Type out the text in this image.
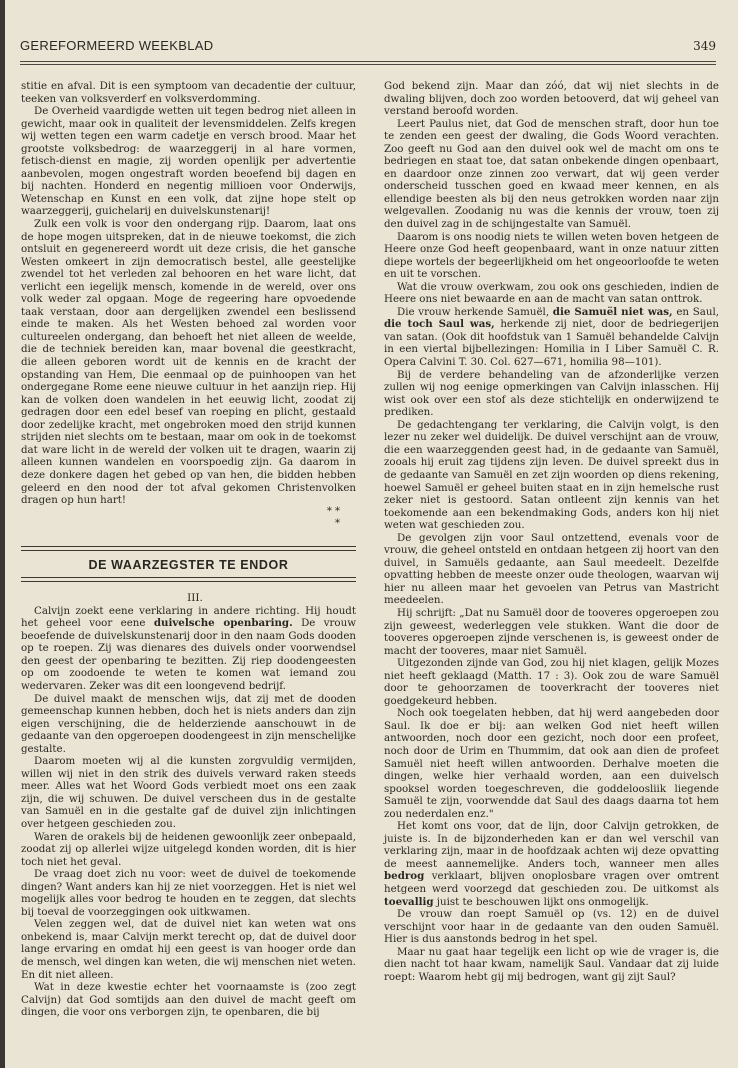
GEREFORMEERD WEEKBLAD	349

stitie en afval. Dit is een symptoom van decadentie der cultuur, teeken van volksverderf en volksverdomming.

De Overheid vaardigde wetten uit tegen bedrog niet alleen in gewicht, maar ook in qualiteit der levensmiddelen. Zelfs kregen wij wetten tegen een warm cadetje en versch brood. Maar het grootste volksbedrog: de waarzeggerij in al hare vormen, fetisch-dienst en magie, zij worden openlijk per advertentie aanbevolen, mogen ongestraft worden beoefend bij dagen en bij nachten. Honderd en negentig millioen voor Onderwijs, Wetenschap en Kunst en een volk, dat zijne hope stelt op waarzeggerij, guichelarij en duivelskunstenarij!

Zulk een volk is voor den ondergang rijp. Daarom, laat ons de hope mogen uitspreken, dat in de nieuwe toekomst, die zich ontsluit en gegenereerd wordt uit deze crisis, die het gansche Westen omkeert in zijn democratisch bestel, alle geestelijke zwendel tot het verleden zal behooren en het ware licht, dat verlicht een iegelijk mensch, komende in de wereld, over ons volk weder zal opgaan. Moge de regeering hare opvoedende taak verstaan, door aan dergelijken zwendel een beslissend einde te maken. Als het Westen behoed zal worden voor cultureelen ondergang, dan behoeft het niet alleen de weelde, die de techniek bereiden kan, maar bovenal die geestkracht, die alleen geboren wordt uit de kennis en de kracht der opstanding van Hem, Die eenmaal op de puinhoopen van het ondergegane Rome eene nieuwe cultuur in het aanzijn riep. Hij kan de volken doen wandelen in het eeuwig licht, zoodat zij gedragen door een edel besef van roeping en plicht, gestaald door zedelijke kracht, met ongebroken moed den strijd kunnen strijden niet slechts om te bestaan, maar om ook in de toekomst dat ware licht in de wereld der volken uit te dragen, waarin zij alleen kunnen wandelen en voorspoedig zijn. Ga daarom in deze donkere dagen het gebed op van hen, die bidden hebben geleerd en den nood der tot afval gekomen Christenvolken dragen op hun hart!

* *
*
DE WAARZEGSTER TE ENDOR

III.

Calvijn zoekt eene verklaring in andere richting. Hij houdt het geheel voor eene duivelsche openbaring. De vrouw beoefende de duivelskunstenarij door in den naam Gods dooden op te roepen. Zij was dienares des duivels onder voorwendsel den geest der openbaring te bezitten. Zij riep doodengeesten op om zoodoende te weten te komen wat iemand zou wedervaren. Zeker was dit een loongevend bedrijf.

De duivel maakt de menschen wijs, dat zij met de dooden gemeenschap kunnen hebben, doch het is niets anders dan zijn eigen verschijning, die de helderziende aanschouwt in de gedaante van den opgeroepen doodengeest in zijn menschelijke gestalte.

Daarom moeten wij al die kunsten zorgvuldig vermijden, willen wij niet in den strik des duivels verward raken steeds meer. Alles wat het Woord Gods verbiedt moet ons een zaak zijn, die wij schuwen. De duivel verscheen dus in de gestalte van Samuël en in die gestalte gaf de duivel zijn inlichtingen over hetgeen geschieden zou.

Waren de orakels bij de heidenen gewoonlijk zeer onbepaald, zoodat zij op allerlei wijze uitgelegd konden worden, dit is hier toch niet het geval.

De vraag doet zich nu voor: weet de duivel de toekomende dingen? Want anders kan hij ze niet voorzeggen. Het is niet wel mogelijk alles voor bedrog te houden en te zeggen, dat slechts bij toeval de voorzeggingen ook uitkwamen.

Velen zeggen wel, dat de duivel niet kan weten wat ons onbekend is, maar Calvijn merkt terecht op, dat de duivel door lange ervaring en omdat hij een geest is van hooger orde dan de mensch, wel dingen kan weten, die wij menschen niet weten. En dit niet alleen.

Wat in deze kwestie echter het voornaamste is (zoo zegt Calvijn) dat God somtijds aan den duivel de macht geeft om dingen, die voor ons verborgen zijn, te openbaren, die bij

God bekend zijn. Maar dan zóó, dat wij niet slechts in de dwaling blijven, doch zoo worden betooverd, dat wij geheel van verstand beroofd worden.

Leert Paulus niet, dat God de menschen straft, door hun toe te zenden een geest der dwaling, die Gods Woord verachten. Zoo geeft nu God aan den duivel ook wel de macht om ons te bedriegen en staat toe, dat satan onbekende dingen openbaart, en daardoor onze zinnen zoo verwart, dat wij geen verder onderscheid tusschen goed en kwaad meer kennen, en als ellendige beesten als bij den neus getrokken worden naar zijn welgevallen. Zoodanig nu was die kennis der vrouw, toen zij den duivel zag in de schijngestalte van Samuël.

Daarom is ons noodig niets te willen weten boven hetgeen de Heere onze God heeft geopenbaard, want in onze natuur zitten diepe wortels der begeerlijkheid om het ongeoorloofde te weten en uit te vorschen.

Wat die vrouw overkwam, zou ook ons geschieden, indien de Heere ons niet bewaarde en aan de macht van satan onttrok.

Die vrouw herkende Samuël, die Samuël niet was, en Saul, die toch Saul was, herkende zij niet, door de bedriegerijen van satan. (Ook dit hoofdstuk van 1 Samuël behandelde Calvijn in een viertal bijbellezingen: Homilia in I Liber Samuël C. R. Opera Calvini T. 30. Col. 627—671, homilia 98—101).

Bij de verdere behandeling van de afzonderlijke verzen zullen wij nog eenige opmerkingen van Calvijn inlasschen. Hij wist ook over een stof als deze stichtelijk en onderwijzend te prediken.

De gedachtengang ter verklaring, die Calvijn volgt, is den lezer nu zeker wel duidelijk. De duivel verschijnt aan de vrouw, die een waarzeggenden geest had, in de gedaante van Samuël, zooals hij eruit zag tijdens zijn leven. De duivel spreekt dus in de gedaante van Samuël en zet zijn woorden op diens rekening, hoewel Samuël er geheel buiten staat en in zijn hemelsche rust zeker niet is gestoord. Satan ontleent zijn kennis van het toekomende aan een bekendmaking Gods, anders kon hij niet weten wat geschieden zou.

De gevolgen zijn voor Saul ontzettend, evenals voor de vrouw, die geheel ontsteld en ontdaan hetgeen zij hoort van den duivel, in Samuëls gedaante, aan Saul meedeelt. Dezelfde opvatting hebben de meeste onzer oude theologen, waarvan wij hier nu alleen maar het gevoelen van Petrus van Mastricht meedeelen.

Hij schrijft: „Dat nu Samuël door de tooveres opgeroepen zou zijn geweest, wederleggen vele stukken. Want die door de tooveres opgeroepen zijnde verschenen is, is geweest onder de macht der tooveres, maar niet Samuël.

Uitgezonden zijnde van God, zou hij niet klagen, gelijk Mozes niet heeft geklaagd (Matth. 17 : 3). Ook zou de ware Samuël door te gehoorzamen de tooverkracht der tooveres niet goedgekeurd hebben.

Noch ook toegelaten hebben, dat hij werd aangebeden door Saul. Ik doe er bij: aan welken God niet heeft willen antwoorden, noch door een gezicht, noch door een profeet, noch door de Urim en Thummim, dat ook aan dien de profeet Samuël niet heeft willen antwoorden. Derhalve moeten die dingen, welke hier verhaald worden, aan een duivelsch spooksel worden toegeschreven, die goddeloosliik liegende Samuël te zijn, voorwendde dat Saul des daags daarna tot hem zou nederdalen enz."

Het komt ons voor, dat de lijn, door Calvijn getrokken, de juiste is. In de bijzonderheden kan er dan wel verschil van verklaring zijn, maar in de hoofdzaak achten wij deze opvatting de meest aannemelijke. Anders toch, wanneer men alles bedrog verklaart, blijven onoplosbare vragen over omtrent hetgeen werd voorzegd dat geschieden zou. De uitkomst als toevallig juist te beschouwen lijkt ons onmogelijk.

De vrouw dan roept Samuël op (vs. 12) en de duivel verschijnt voor haar in de gedaante van den ouden Samuël. Hier is dus aanstonds bedrog in het spel.

Maar nu gaat haar tegelijk een licht op wie de vrager is, die dien nacht tot haar kwam, namelijk Saul. Vandaar dat zij luide roept: Waarom hebt gij mij bedrogen, want gij zijt Saul?
